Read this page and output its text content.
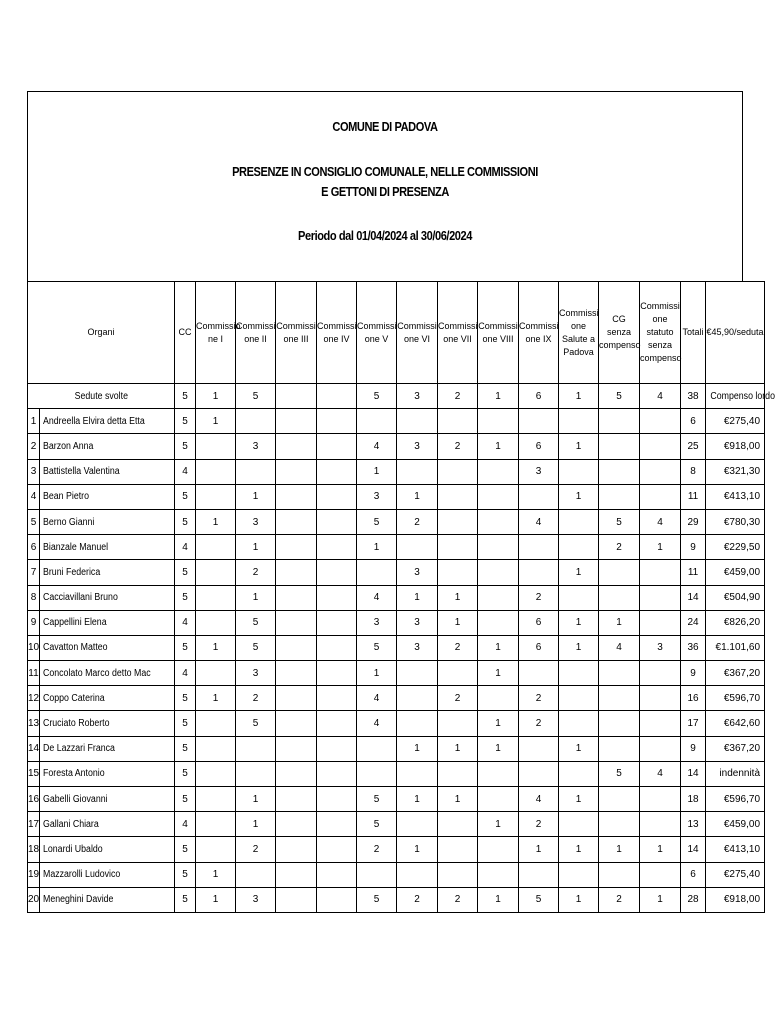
COMUNE DI PADOVA
PRESENZE IN CONSIGLIO COMUNALE, NELLE COMMISSIONI
E GETTONI DI PRESENZA
Periodo dal 01/04/2024 al 30/06/2024
Organi		CC	Commissio ne I	Commissi one II	Commissi one III	Commissi one IV	Commissi one V	Commissi one VI	Commissi one VII	Commissi one VIII	Commissi one IX	Commissi one Salute a Padova	CG senza compenso	Commissi one statuto senza compenso	Totali	€45,90/seduta
Sedute svolte		5	1	5			5	3	2	1	6	1	5	4	38	Compenso lordo
1	Andreella Elvira detta Etta	5	1												6	€275,40
2	Barzon Anna	5		3			4	3	2	1	6	1			25	€918,00
3	Battistella Valentina	4					1				3				8	€321,30
4	Bean Pietro	5		1			3	1				1			11	€413,10
5	Berno Gianni	5	1	3			5	2			4		5	4	29	€780,30
6	Bianzale Manuel	4		1			1						2	1	9	€229,50
7	Bruni Federica	5		2				3				1			11	€459,00
8	Cacciavillani Bruno	5		1			4	1	1		2				14	€504,90
9	Cappellini Elena	4		5			3	3	1		6	1	1		24	€826,20
10	Cavatton Matteo	5	1	5			5	3	2	1	6	1	4	3	36	€1.101,60
11	Concolato Marco detto Mac	4		3			1			1					9	€367,20
12	Coppo Caterina	5	1	2			4		2		2				16	€596,70
13	Cruciato Roberto	5		5			4			1	2				17	€642,60
14	De Lazzari Franca	5						1	1	1		1			9	€367,20
15	Foresta Antonio	5											5	4	14	indennità
16	Gabelli Giovanni	5		1			5	1	1		4	1			18	€596,70
17	Gallani Chiara	4		1			5			1	2				13	€459,00
18	Lonardi Ubaldo	5		2			2	1			1	1	1	1	14	€413,10
19	Mazzarolli Ludovico	5	1												6	€275,40
20	Meneghini Davide	5	1	3			5	2	2	1	5	1	2	1	28	€918,00
